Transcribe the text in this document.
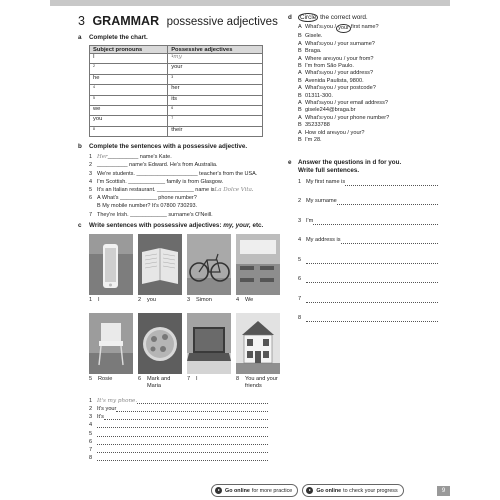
3 GRAMMAR possessive adjectives
a	Complete the chart.
Subject pronouns	Possessive adjectives
I	$^1$my
$^2$	your
he	$^3$
$^4$	her
$^5$	its
we	$^6$
you	$^7$
$^8$	their
b	Complete the sentences with a possessive adjective.
1 Her __________ name's Kate.
2 __________ name's Edward. He's from Australia.
3 We're students. ____________________ teacher's from the USA.
4 I'm Scottish. ____________ family is from Glasgow.
5 It's an Italian restaurant. ____________ name is La Dolce Vita .
6 A What's ____________ phone number?
B My mobile number? It's 07800 730293.
7 They're Irish. ____________ surname's O'Neill.
c	Write sentences with possessive adjectives: my, your, etc.
1	I	2	you	3	Simon	4	We
5	Rosie	6	Mark and Maria
7	I	8	You and your friends
1 It's my phone.
2 It's your
3 It's
4
5
6
7
8
d	Circle the correct word.
A What's 1 you / your first name?
B Gisele.
A What's 2 you / your surname?
B Braga.
A Where are 3 you / your from?
B I'm from São Paulo.
A What's 4 you / your address?
B Avenida Paulista, 9800.
A What's 5 you / your postcode?
B 01311-300.
A What's 6 you / your email address?
B gisele244@braga.br
A What's 7 you / your phone number?
B 35233788
A How old are 8 you / your?
B I'm 28.
e	Answer the questions in d for you.
Write full sentences.
1 My first name is
2 My surname
3 I'm
4 My address is
5
6
7
8
Go online for more practice	Go online to check your progress	9
